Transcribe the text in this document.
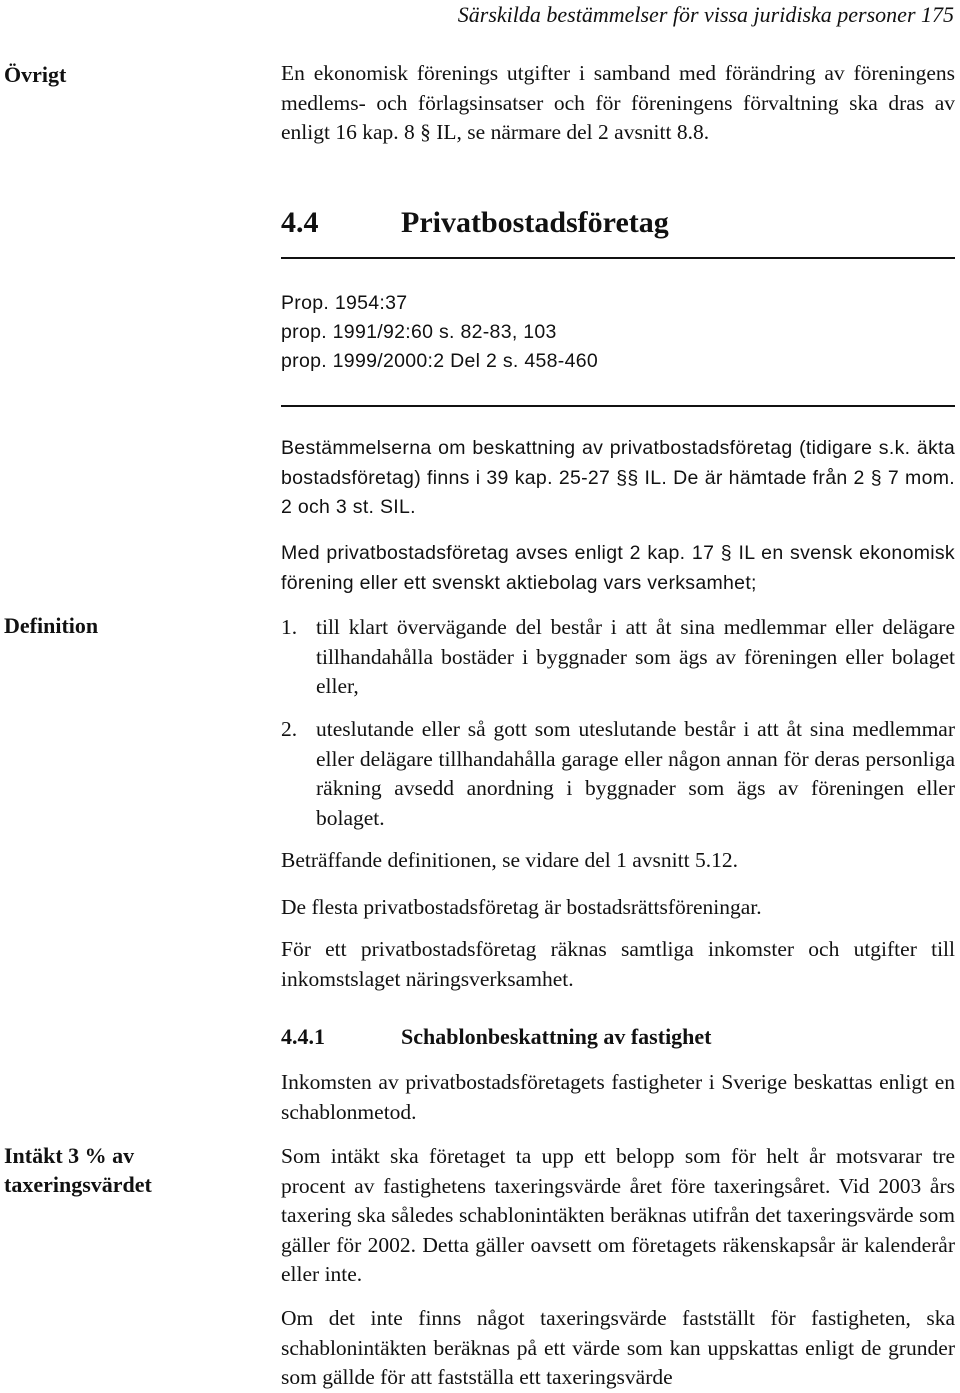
Särskilda bestämmelser för vissa juridiska personer 175
Övrigt
Definition
Intäkt 3 % av taxeringsvärdet
En ekonomisk förenings utgifter i samband med förändring av föreningens medlems- och förlagsinsatser och för föreningens förvaltning ska dras av enligt 16 kap. 8 § IL, se närmare del 2 avsnitt 8.8.
4.4	Privatbostadsföretag
Prop. 1954:37
prop. 1991/92:60 s. 82-83, 103
prop. 1999/2000:2 Del 2 s. 458-460
Bestämmelserna om beskattning av privatbostadsföretag (tidigare s.k. äkta bostadsföretag) finns i 39 kap. 25-27 §§ IL. De är hämtade från 2 § 7 mom. 2 och 3 st. SIL.
Med privatbostadsföretag avses enligt 2 kap. 17 § IL en svensk ekonomisk förening eller ett svenskt aktiebolag vars verksamhet;
1. till klart övervägande del består i att åt sina medlemmar eller delägare tillhandahålla bostäder i byggnader som ägs av föreningen eller bolaget eller,
2. uteslutande eller så gott som uteslutande består i att åt sina medlemmar eller delägare tillhandahålla garage eller någon annan för deras personliga räkning avsedd anordning i byggnader som ägs av föreningen eller bolaget.
Beträffande definitionen, se vidare del 1 avsnitt 5.12.
De flesta privatbostadsföretag är bostadsrättsföreningar.
För ett privatbostadsföretag räknas samtliga inkomster och utgifter till inkomstslaget näringsverksamhet.
4.4.1	Schablonbeskattning av fastighet
Inkomsten av privatbostadsföretagets fastigheter i Sverige beskattas enligt en schablonmetod.
Som intäkt ska företaget ta upp ett belopp som för helt år motsvarar tre procent av fastighetens taxeringsvärde året före taxeringsåret. Vid 2003 års taxering ska således schablonintäkten beräknas utifrån det taxeringsvärde som gäller för 2002. Detta gäller oavsett om företagets räkenskapsår är kalenderår eller inte.
Om det inte finns något taxeringsvärde fastställt för fastigheten, ska schablonintäkten beräknas på ett värde som kan uppskattas enligt de grunder som gällde för att fastställa ett taxeringsvärde
